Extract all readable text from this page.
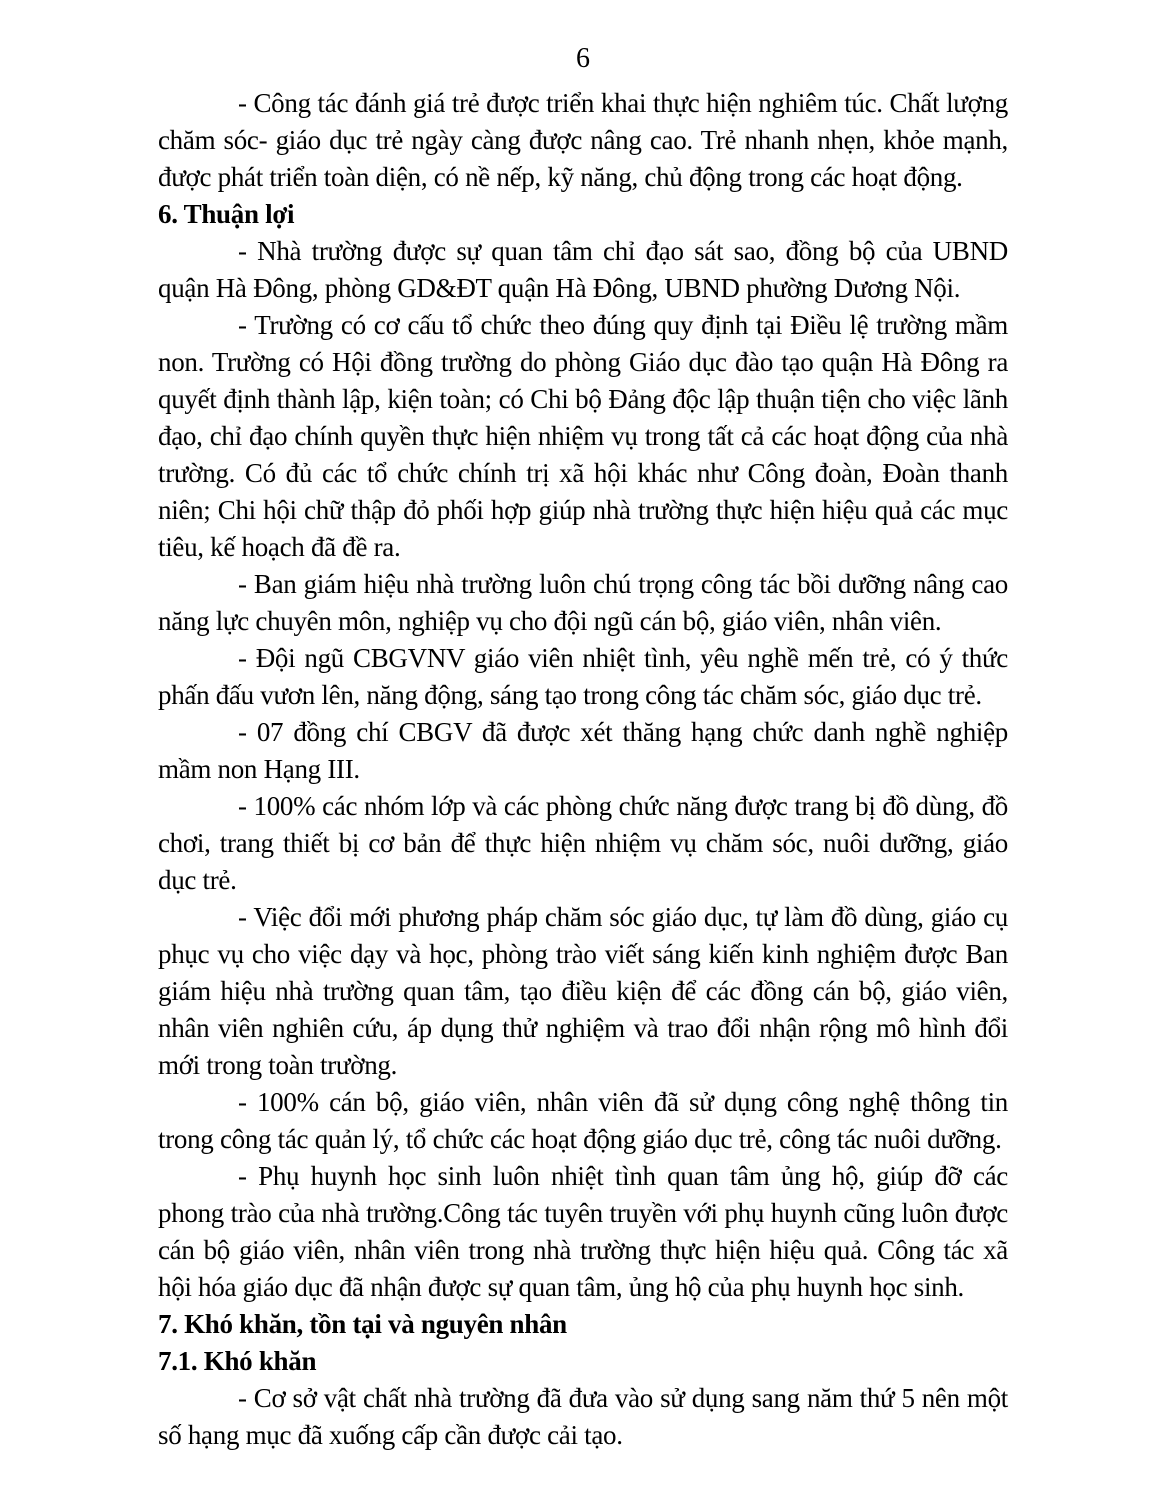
6

- Công tác đánh giá trẻ được triển khai thực hiện nghiêm túc. Chất lượng chăm sóc- giáo dục trẻ ngày càng được nâng cao. Trẻ nhanh nhẹn, khỏe mạnh, được phát triển toàn diện, có nề nếp, kỹ năng, chủ động trong các hoạt động.

6. Thuận lợi

- Nhà trường được sự quan tâm chỉ đạo sát sao, đồng bộ của UBND quận Hà Đông, phòng GD&ĐT quận Hà Đông, UBND phường Dương Nội.

- Trường có cơ cấu tổ chức theo đúng quy định tại Điều lệ trường mầm non. Trường có Hội đồng trường do phòng Giáo dục đào tạo quận Hà Đông ra quyết định thành lập, kiện toàn; có Chi bộ Đảng độc lập thuận tiện cho việc lãnh đạo, chỉ đạo chính quyền thực hiện nhiệm vụ trong tất cả các hoạt động của nhà trường. Có đủ các tổ chức chính trị xã hội khác như Công đoàn, Đoàn thanh niên; Chi hội chữ thập đỏ phối hợp giúp nhà trường thực hiện hiệu quả các mục tiêu, kế hoạch đã đề ra.

- Ban giám hiệu nhà trường luôn chú trọng công tác bồi dưỡng nâng cao năng lực chuyên môn, nghiệp vụ cho đội ngũ cán bộ, giáo viên, nhân viên.

- Đội ngũ CBGVNV giáo viên nhiệt tình, yêu nghề mến trẻ, có ý thức phấn đấu vươn lên, năng động, sáng tạo trong công tác chăm sóc, giáo dục trẻ.

- 07 đồng chí CBGV đã được xét thăng hạng chức danh nghề nghiệp mầm non Hạng III.

- 100% các nhóm lớp và các phòng chức năng được trang bị đồ dùng, đồ chơi, trang thiết bị cơ bản để thực hiện nhiệm vụ chăm sóc, nuôi dưỡng, giáo dục trẻ.

- Việc đổi mới phương pháp chăm sóc giáo dục, tự làm đồ dùng, giáo cụ phục vụ cho việc dạy và học, phòng trào viết sáng kiến kinh nghiệm được Ban giám hiệu nhà trường quan tâm, tạo điều kiện để các đồng cán bộ, giáo viên, nhân viên nghiên cứu, áp dụng thử nghiệm và trao đổi nhận rộng mô hình đổi mới trong toàn trường.

- 100% cán bộ, giáo viên, nhân viên đã sử dụng công nghệ thông tin trong công tác quản lý, tổ chức các hoạt động giáo dục trẻ, công tác nuôi dưỡng.

- Phụ huynh học sinh luôn nhiệt tình quan tâm ủng hộ, giúp đỡ các phong trào của nhà trường.Công tác tuyên truyền với phụ huynh cũng luôn được cán bộ giáo viên, nhân viên trong nhà trường thực hiện hiệu quả. Công tác xã hội hóa giáo dục đã nhận được sự quan tâm, ủng hộ của phụ huynh học sinh.

7. Khó khăn, tồn tại và nguyên nhân
7.1. Khó khăn

- Cơ sở vật chất nhà trường đã đưa vào sử dụng sang năm thứ 5 nên một số hạng mục đã xuống cấp cần được cải tạo.
